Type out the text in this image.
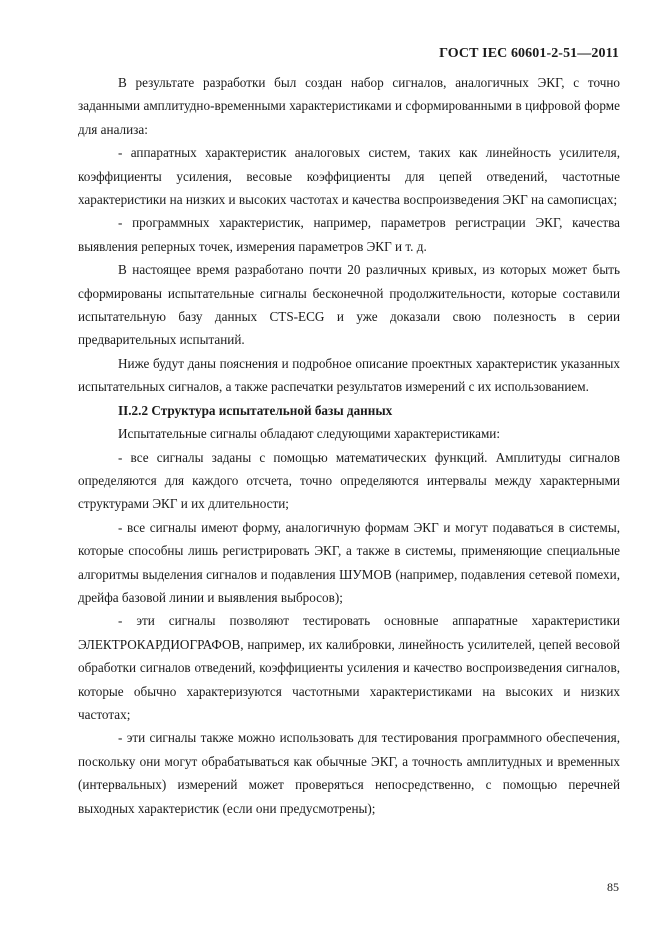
ГОСТ IEC 60601-2-51—2011

В результате разработки был создан набор сигналов, аналогичных ЭКГ, с точно заданными амплитудно-временными характеристиками и сформированными в цифровой форме для анализа:

- аппаратных характеристик аналоговых систем, таких как линейность усилителя, коэффициенты усиления, весовые коэффициенты для цепей отведений, частотные характеристики на низких и высоких частотах и качества воспроизведения ЭКГ на самописцах;

- программных характеристик, например, параметров регистрации ЭКГ, качества выявления реперных точек, измерения параметров ЭКГ и т. д.

В настоящее время разработано почти 20 различных кривых, из которых может быть сформированы испытательные сигналы бесконечной продолжительности, которые составили испытательную базу данных CTS-ECG и уже доказали свою полезность в серии предварительных испытаний.

Ниже будут даны пояснения и подробное описание проектных характеристик указанных испытательных сигналов, а также распечатки результатов измерений с их использованием.

II.2.2 Структура испытательной базы данных

Испытательные сигналы обладают следующими характеристиками:

- все сигналы заданы с помощью математических функций. Амплитуды сигналов определяются для каждого отсчета, точно определяются интервалы между характерными структурами ЭКГ и их длительности;

- все сигналы имеют форму, аналогичную формам ЭКГ и могут подаваться в системы, которые способны лишь регистрировать ЭКГ, а также в системы, применяющие специальные алгоритмы выделения сигналов и подавления ШУМОВ (например, подавления сетевой помехи, дрейфа базовой линии и выявления выбросов);

- эти сигналы позволяют тестировать основные аппаратные характеристики ЭЛЕКТРОКАРДИОГРАФОВ, например, их калибровки, линейность усилителей, цепей весовой обработки сигналов отведений, коэффициенты усиления и качество воспроизведения сигналов, которые обычно характеризуются частотными характеристиками на высоких и низких частотах;

- эти сигналы также можно использовать для тестирования программного обеспечения, поскольку они могут обрабатываться как обычные ЭКГ, а точность амплитудных и временных (интервальных) измерений может проверяться непосредственно, с помощью перечней выходных характеристик (если они предусмотрены);

85
